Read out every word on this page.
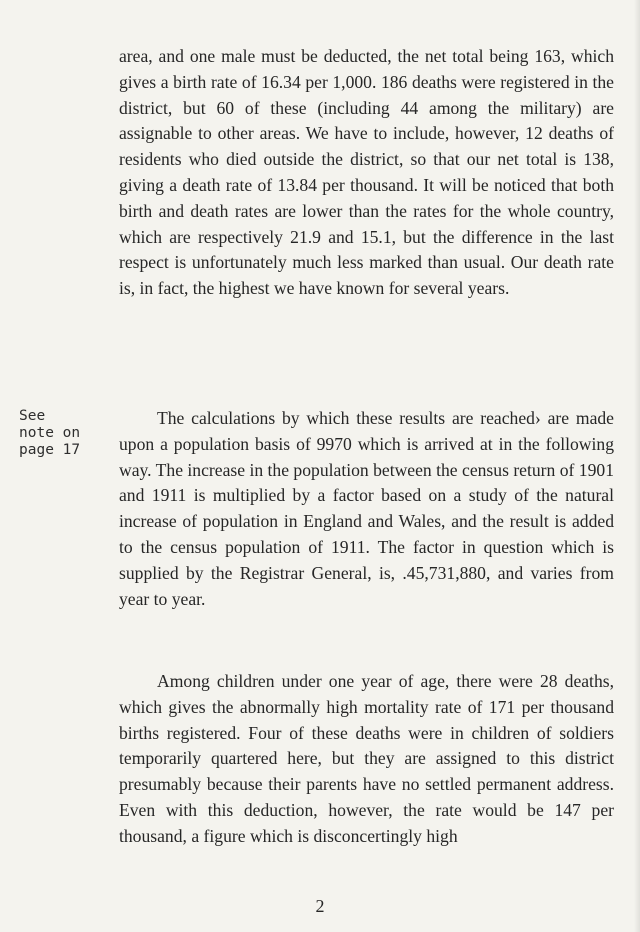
area, and one male must be deducted, the net total being 163, which gives a birth rate of 16.34 per 1,000. 186 deaths were registered in the district, but 60 of these (including 44 among the military) are assignable to other areas. We have to include, however, 12 deaths of residents who died outside the district, so that our net total is 138, giving a death rate of 13.84 per thousand. It will be noticed that both birth and death rates are lower than the rates for the whole country, which are respectively 21.9 and 15.1, but the difference in the last respect is unfortunately much less marked than usual. Our death rate is, in fact, the highest we have known for several years.

See
note on
page 17

The calculations by which these results are reached› are made upon a population basis of 9970 which is arrived at in the following way. The increase in the population between the census return of 1901 and 1911 is multiplied by a factor based on a study of the natural increase of population in England and Wales, and the result is added to the census population of 1911. The factor in question which is supplied by the Registrar General, is, .45,731,880, and varies from year to year.

Among children under one year of age, there were 28 deaths, which gives the abnormally high mortality rate of 171 per thousand births registered. Four of these deaths were in children of soldiers temporarily quartered here, but they are assigned to this district presumably because their parents have no settled permanent address. Even with this deduction, however, the rate would be 147 per thousand, a figure which is disconcertingly high

2
